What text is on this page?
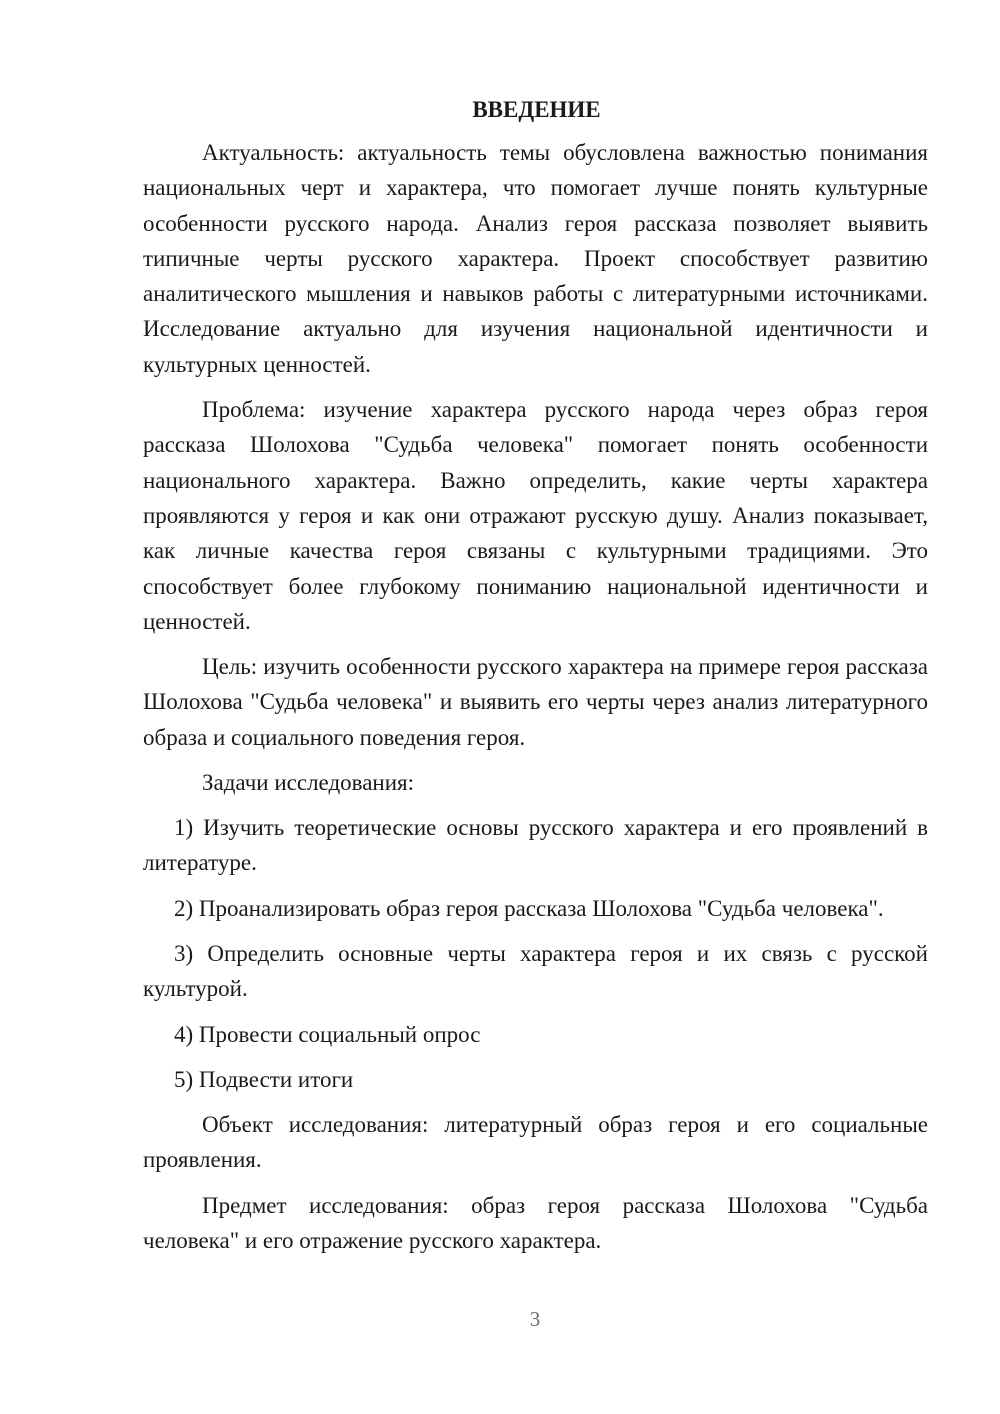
ВВЕДЕНИЕ

Актуальность: актуальность темы обусловлена важностью понимания национальных черт и характера, что помогает лучше понять культурные особенности русского народа. Анализ героя рассказа позволяет выявить типичные черты русского характера. Проект способствует развитию аналитического мышления и навыков работы с литературными источниками. Исследование актуально для изучения национальной идентичности и культурных ценностей.

Проблема: изучение характера русского народа через образ героя рассказа Шолохова "Судьба человека" помогает понять особенности национального характера. Важно определить, какие черты характера проявляются у героя и как они отражают русскую душу. Анализ показывает, как личные качества героя связаны с культурными традициями. Это способствует более глубокому пониманию национальной идентичности и ценностей.

Цель: изучить особенности русского характера на примере героя рассказа Шолохова "Судьба человека" и выявить его черты через анализ литературного образа и социального поведения героя.

Задачи исследования:

1) Изучить теоретические основы русского характера и его проявлений в литературе.

2) Проанализировать образ героя рассказа Шолохова "Судьба человека".

3) Определить основные черты характера героя и их связь с русской культурой.

4) Провести социальный опрос

5) Подвести итоги

Объект исследования: литературный образ героя и его социальные проявления.

Предмет исследования: образ героя рассказа Шолохова "Судьба человека" и его отражение русского характера.

3
